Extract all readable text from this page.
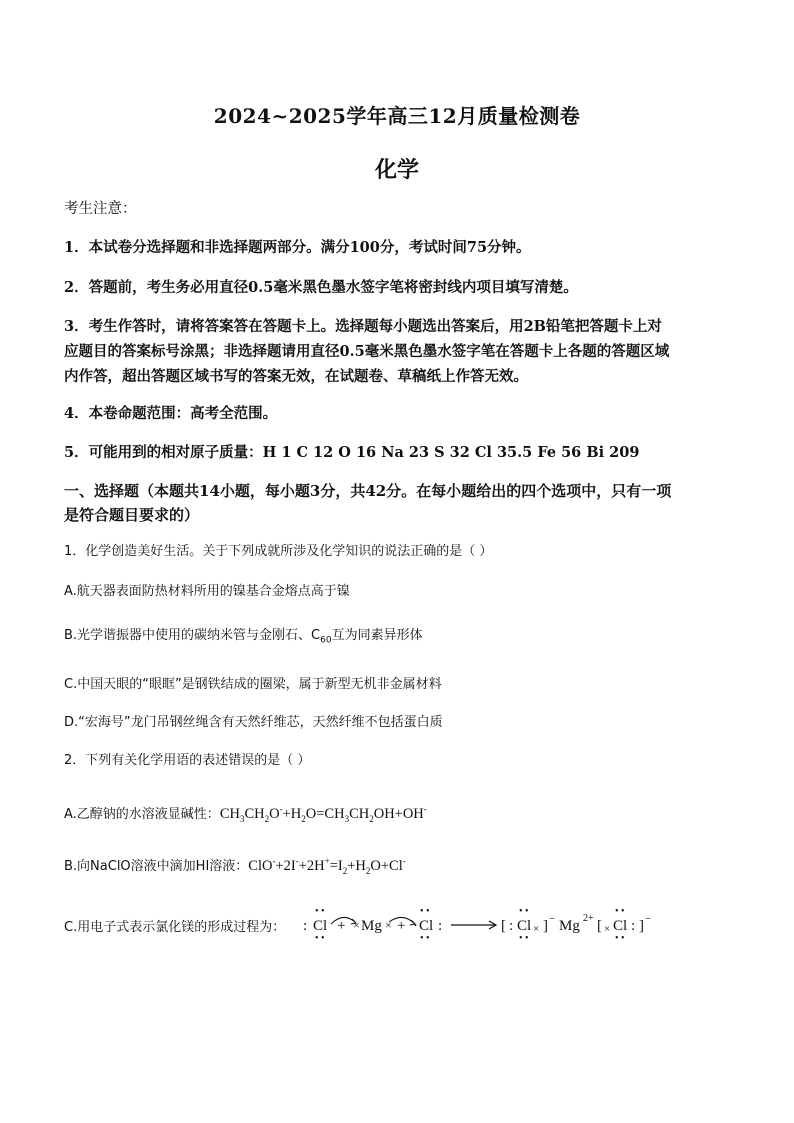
2024~2025学年高三12月质量检测卷
化学
考生注意：
1．本试卷分选择题和非选择题两部分。满分100分，考试时间75分钟。
2．答题前，考生务必用直径0.5毫米黑色墨水签字笔将密封线内项目填写清楚。
3．考生作答时，请将答案答在答题卡上。选择题每小题选出答案后，用2B铅笔把答题卡上对
应题目的答案标号涂黑；非选择题请用直径0.5毫米黑色墨水签字笔在答题卡上各题的答题区域
内作答，超出答题区域书写的答案无效，在试题卷、草稿纸上作答无效。
4．本卷命题范围：高考全范围。
5．可能用到的相对原子质量：H 1 C 12 O 16 Na 23 S 32 Cl 35.5 Fe 56 Bi 209
一、选择题（本题共14小题，每小题3分，共42分。在每小题给出的四个选项中，只有一项
是符合题目要求的）
1．化学创造美好生活。关于下列成就所涉及化学知识的说法正确的是（ ）
A.航天器表面防热材料所用的镍基合金熔点高于镍
B.光学谐振器中使用的碳纳米管与金刚石、$C_{60}$互为同素异形体
C.中国天眼的“眼眶”是钢铁结成的圈梁，属于新型无机非金属材料
D.“宏海号”龙门吊钢丝绳含有天然纤维芯，天然纤维不包括蛋白质
2．下列有关化学用语的表述错误的是（ ）
A.乙醇钠的水溶液显碱性：$CH_3CH_2O^-+H_2O=CH_3CH_2OH+OH^-$
B.向NaClO溶液中滴加HI溶液：$ClO^-+2I^-+2H^+=I_2+H_2O+Cl^-$
C.用电子式表示氯化镁的形成过程为： : Cl
• •
• •
+ × Mg × + · Cl :
• •
• •
[ : Cl ×
• •
• •
] − Mg 2+ [ × Cl
• •
• •
: ] −
